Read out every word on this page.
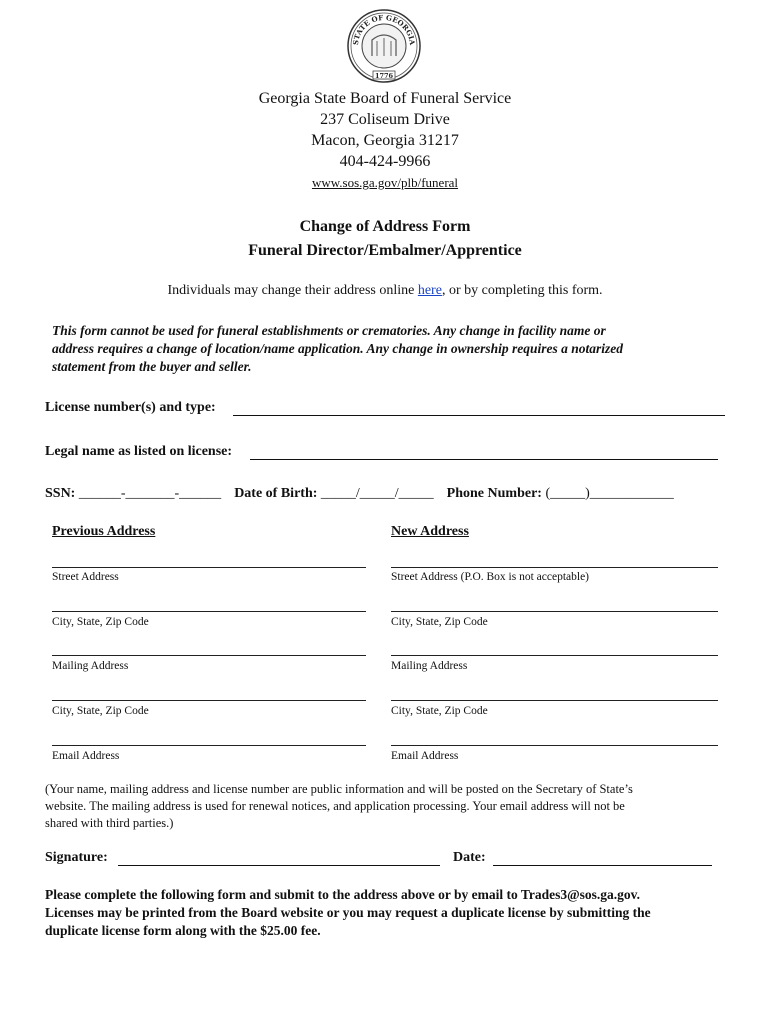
STATE OF GEORGIA
1776
Georgia State Board of Funeral Service
237 Coliseum Drive
Macon, Georgia 31217
404-424-9966
www.sos.ga.gov/plb/funeral
Change of Address Form
Funeral Director/Embalmer/Apprentice
Individuals may change their address online here, or by completing this form.
This form cannot be used for funeral establishments or crematories. Any change in facility name or
address requires a change of location/name application. Any change in ownership requires a notarized
statement from the buyer and seller.
License number(s) and type:
Legal name as listed on license:
SSN: ______-_______-______ Date of Birth: _____/_____/_____ Phone Number: (_____)____________
Previous Address	New Address
Street Address
City, State, Zip Code
Mailing Address
City, State, Zip Code
Email Address
Street Address (P.O. Box is not acceptable)
City, State, Zip Code
Mailing Address
City, State, Zip Code
Email Address
(Your name, mailing address and license number are public information and will be posted on the Secretary of State’s
website. The mailing address is used for renewal notices, and application processing. Your email address will not be
shared with third parties.)
Signature:	Date:
Please complete the following form and submit to the address above or by email to Trades3@sos.ga.gov.
Licenses may be printed from the Board website or you may request a duplicate license by submitting the
duplicate license form along with the $25.00 fee.
